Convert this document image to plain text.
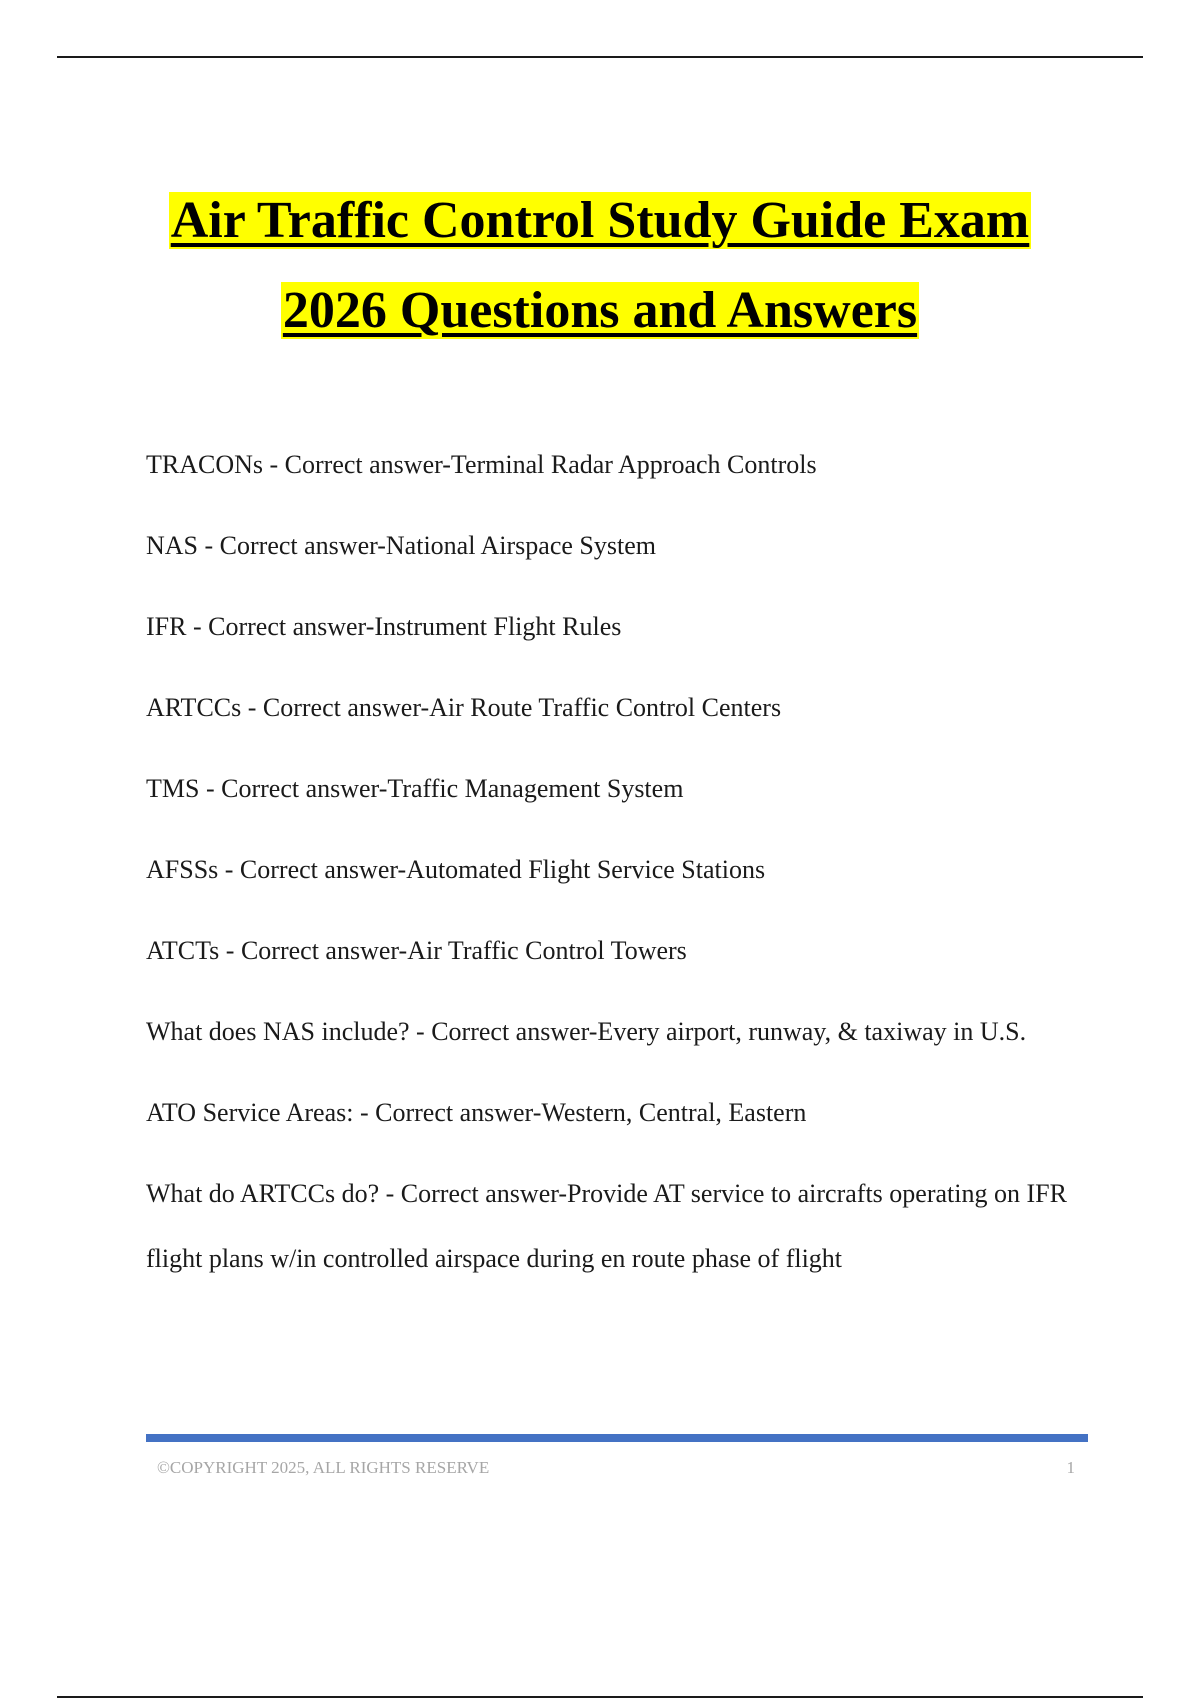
Air Traffic Control Study Guide Exam
2026 Questions and Answers
TRACONs - Correct answer-Terminal Radar Approach Controls
NAS - Correct answer-National Airspace System
IFR - Correct answer-Instrument Flight Rules
ARTCCs - Correct answer-Air Route Traffic Control Centers
TMS - Correct answer-Traffic Management System
AFSSs - Correct answer-Automated Flight Service Stations
ATCTs - Correct answer-Air Traffic Control Towers
What does NAS include? - Correct answer-Every airport, runway, & taxiway in U.S.
ATO Service Areas: - Correct answer-Western, Central, Eastern
What do ARTCCs do? - Correct answer-Provide AT service to aircrafts operating on IFR flight plans w/in controlled airspace during en route phase of flight
©COPYRIGHT 2025, ALL RIGHTS RESERVE	1
